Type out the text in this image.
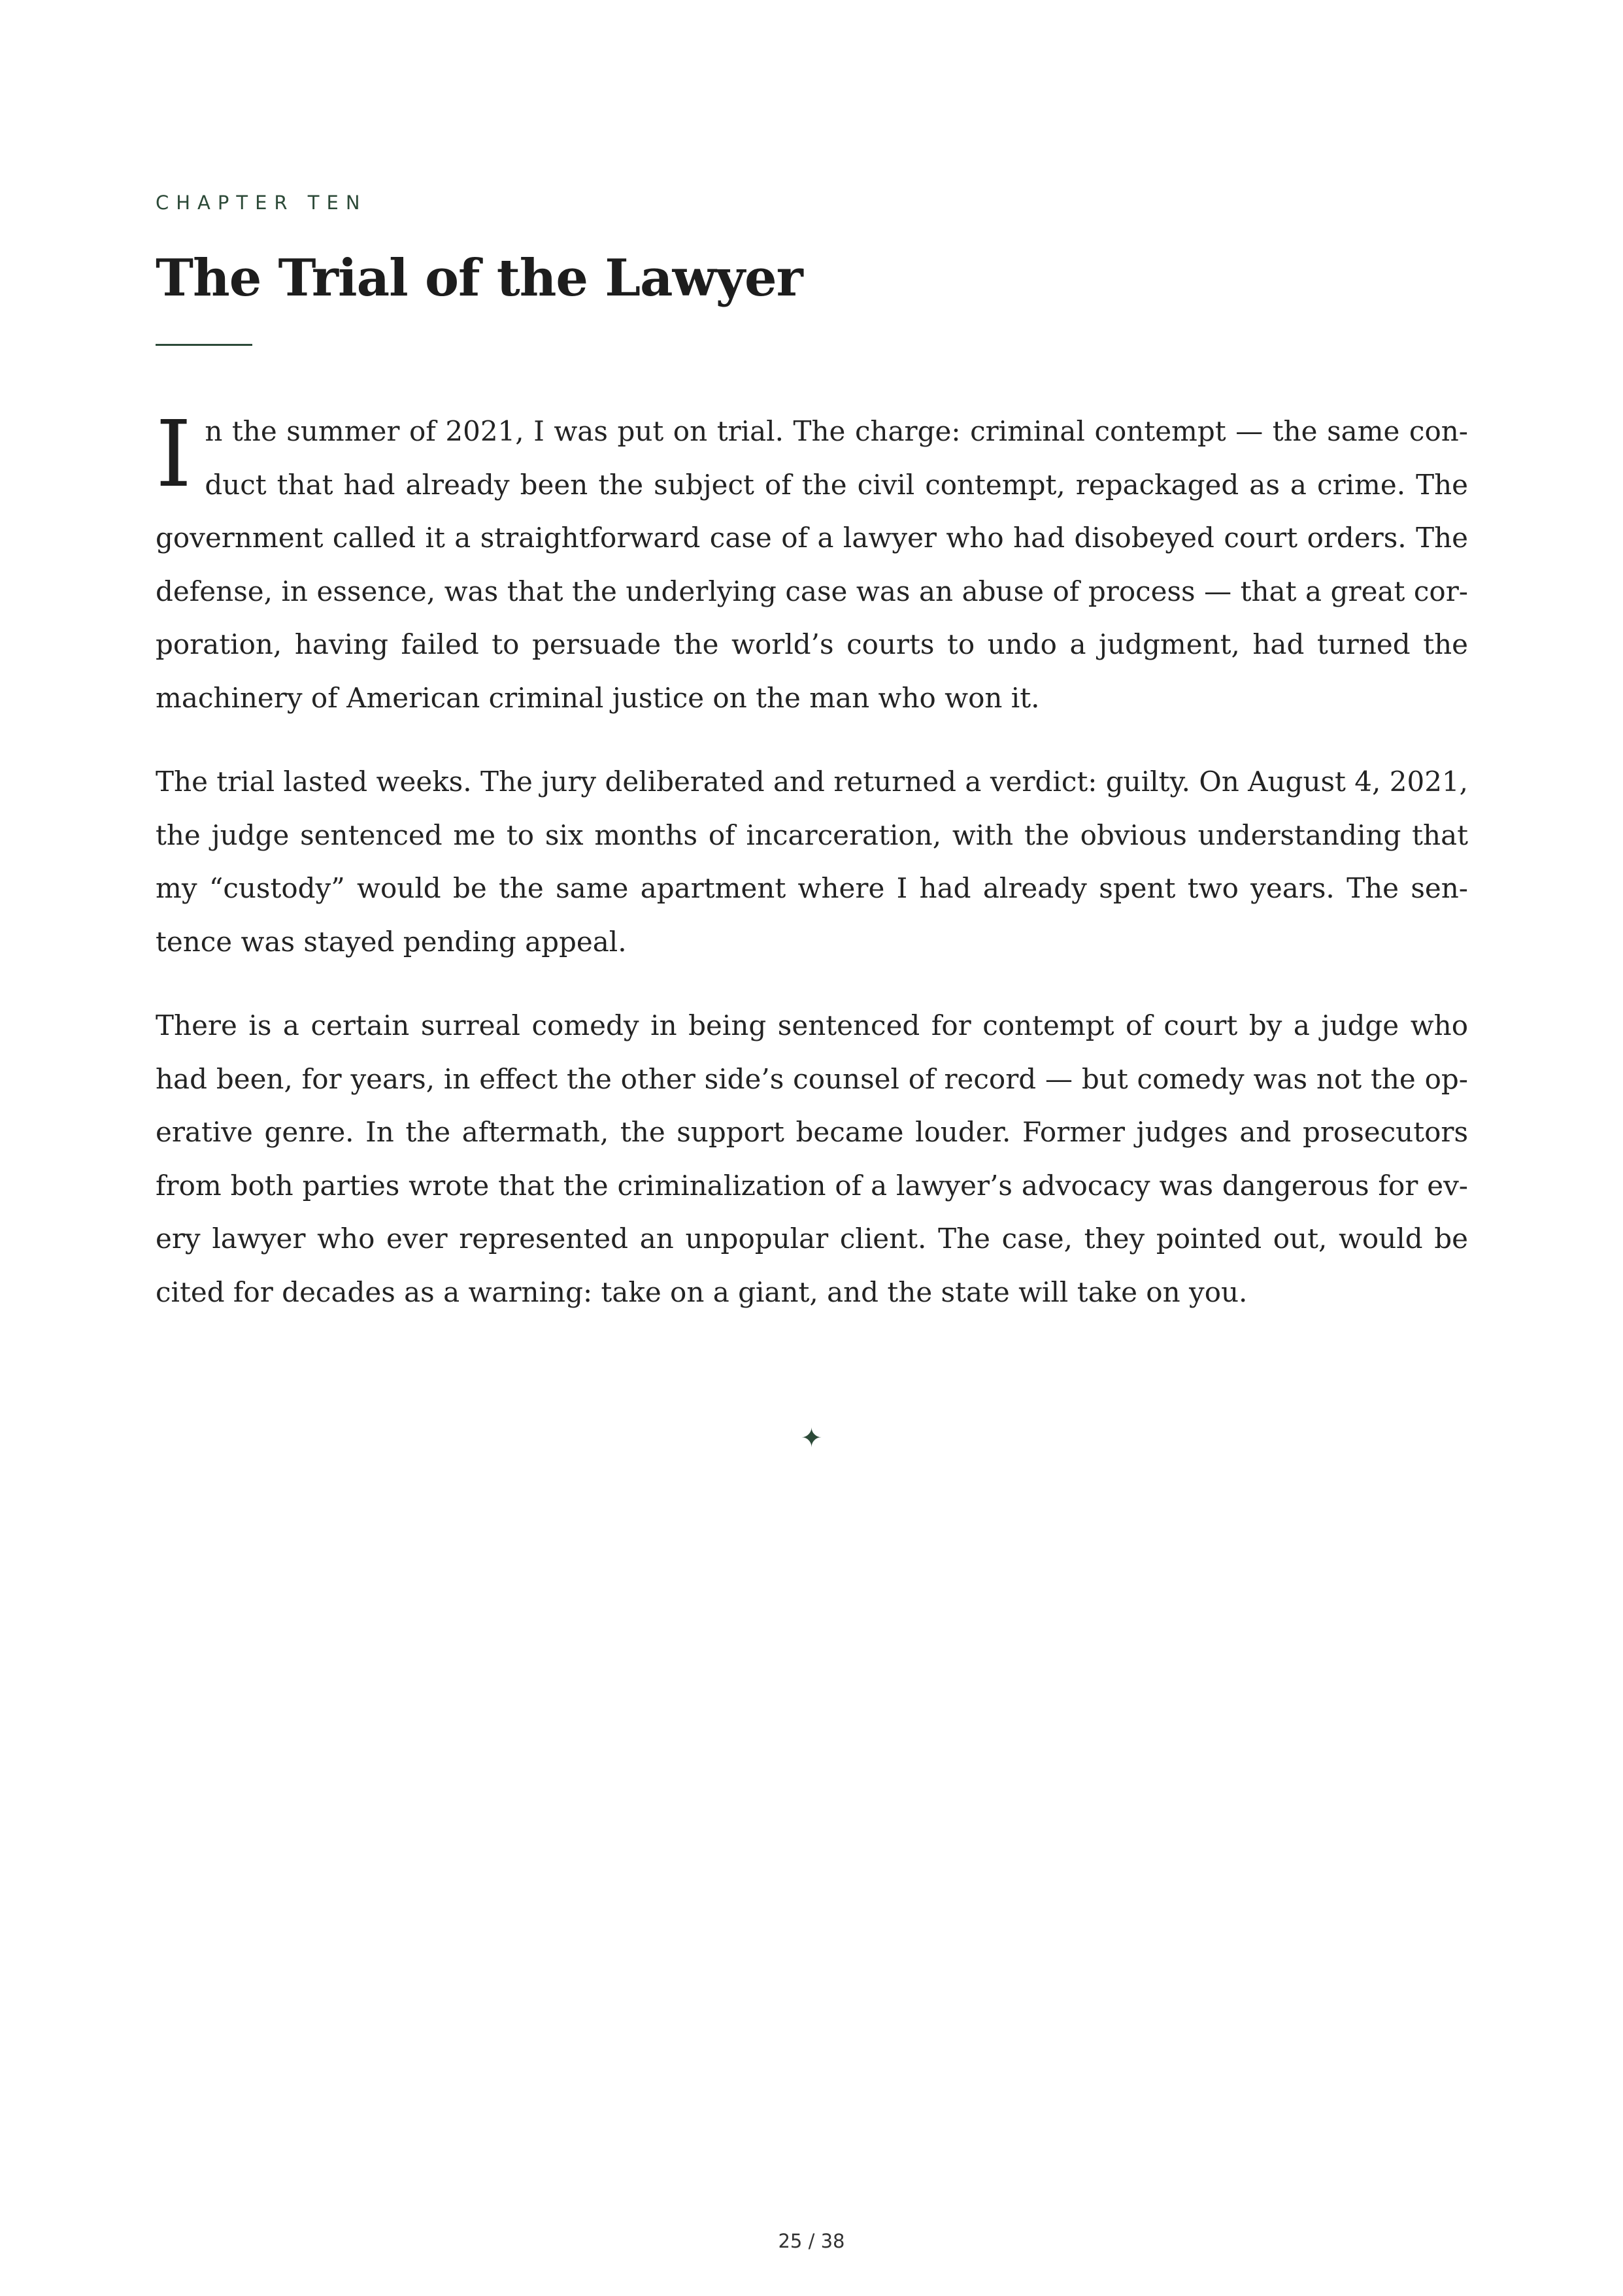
CHAPTER TEN
The Trial of the Lawyer

In the summer of 2021, I was put on trial. The charge: criminal contempt — the same conduct that had already been the subject of the civil contempt, repackaged as a crime. The government called it a straightforward case of a lawyer who had disobeyed court orders. The defense, in essence, was that the underlying case was an abuse of process — that a great corporation, having failed to persuade the world’s courts to undo a judgment, had turned the machinery of American criminal justice on the man who won it.

The trial lasted weeks. The jury deliberated and returned a verdict: guilty. On August 4, 2021, the judge sentenced me to six months of incarceration, with the obvious understanding that my “custody” would be the same apartment where I had already spent two years. The sentence was stayed pending appeal.

There is a certain surreal comedy in being sentenced for contempt of court by a judge who had been, for years, in effect the other side’s counsel of record — but comedy was not the operative genre. In the aftermath, the support became louder. Former judges and prosecutors from both parties wrote that the criminalization of a lawyer’s advocacy was dangerous for every lawyer who ever represented an unpopular client. The case, they pointed out, would be cited for decades as a warning: take on a giant, and the state will take on you.

✦
25 / 38
